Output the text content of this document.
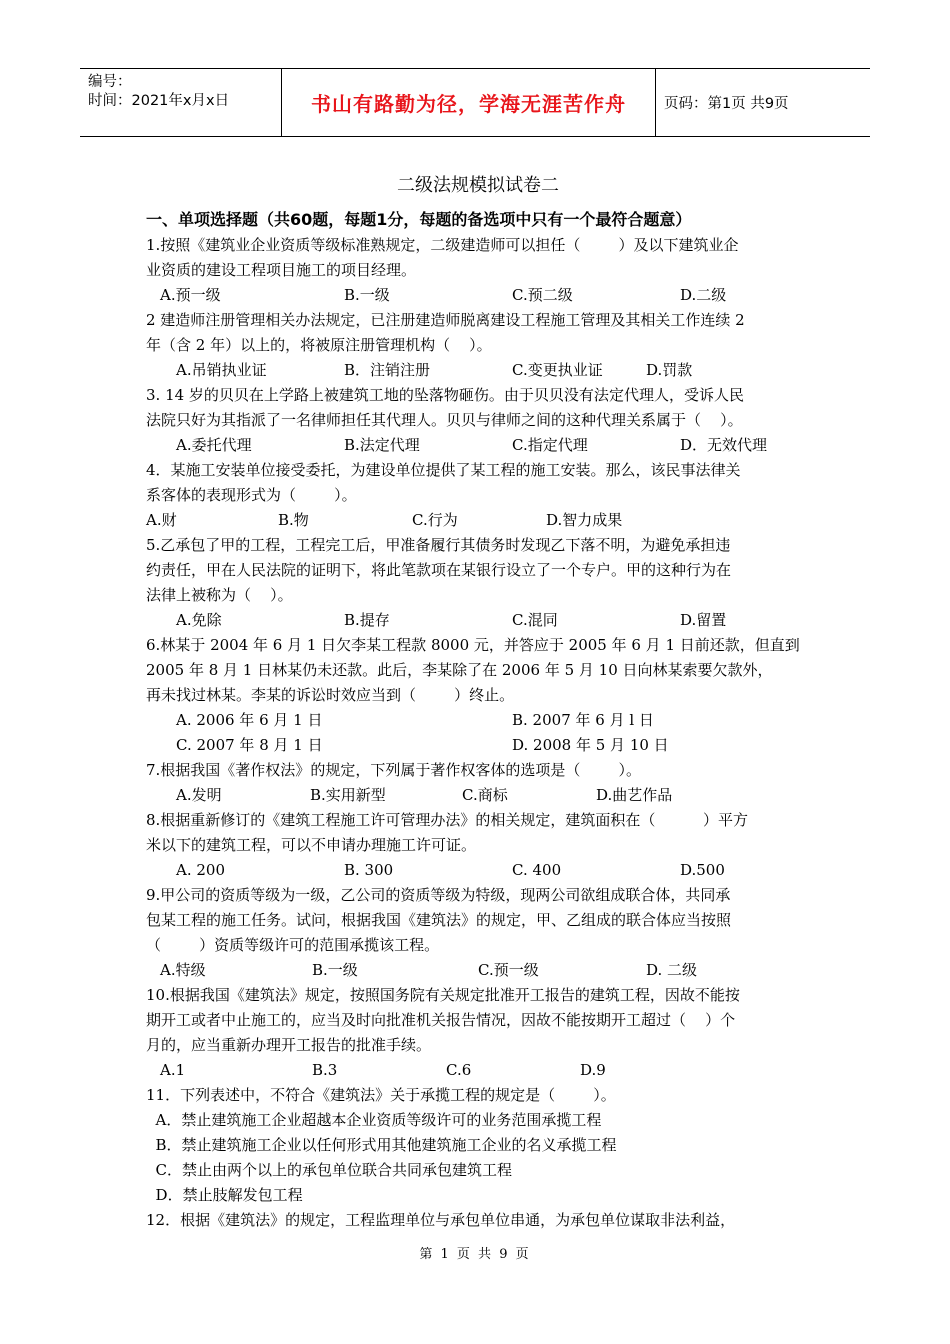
编号：
时间：2021年x月x日	书山有路勤为径，学海无涯苦作舟	页码：第1页 共9页
二级法规模拟试卷二
一、单项选择题（共60题，每题1分，每题的备选项中只有一个最符合题意）
1.按照《建筑业企业资质等级标准熟规定，二级建造师可以担任（        ）及以下建筑业企
业资质的建设工程项目施工的项目经理。
A.预一级	B.一级	C.预二级	D.二级
2 建造师注册管理相关办法规定，已注册建造师脱离建设工程施工管理及其相关工作连续 2
年（含 2 年）以上的，将被原注册管理机构（    ）。
A.吊销执业证	B．注销注册	C.变更执业证	D.罚款
3. 14 岁的贝贝在上学路上被建筑工地的坠落物砸伤。由于贝贝没有法定代理人，受诉人民
法院只好为其指派了一名律师担任其代理人。贝贝与律师之间的这种代理关系属于（    ）。
A.委托代理	B.法定代理	C.指定代理	D．无效代理
4．某施工安装单位接受委托，为建设单位提供了某工程的施工安装。那么，该民事法律关
系客体的表现形式为（        ）。
A.财	B.物	C.行为	D.智力成果
5.乙承包了甲的工程，工程完工后，甲准备履行其债务时发现乙下落不明，为避免承担违
约责任，甲在人民法院的证明下，将此笔款项在某银行设立了一个专户。甲的这种行为在
法律上被称为（    ）。
A.免除	B.提存	C.混同	D.留置
6.林某于 2004 年 6 月 1 日欠李某工程款 8000 元，并答应于 2005 年 6 月 1 日前还款，但直到
2005 年 8 月 1 日林某仍未还款。此后，李某除了在 2006 年 5 月 10 日向林某索要欠款外，
再未找过林某。李某的诉讼时效应当到（        ）终止。
A. 2006 年 6 月 1 日	B. 2007 年 6 月 l 日
C. 2007 年 8 月 1 日	D. 2008 年 5 月 10 日
7.根据我国《著作权法》的规定，下列属于著作权客体的选项是（        ）。
A.发明	B.实用新型	C.商标	D.曲艺作品
8.根据重新修订的《建筑工程施工许可管理办法》的相关规定，建筑面积在（          ）平方
米以下的建筑工程，可以不申请办理施工许可证。
A. 200	B. 300	C. 400	D.500
9.甲公司的资质等级为一级，乙公司的资质等级为特级，现两公司欲组成联合体，共同承
包某工程的施工任务。试问，根据我国《建筑法》的规定，甲、乙组成的联合体应当按照
（        ）资质等级许可的范围承揽该工程。
A.特级	B.一级	C.预一级	D. 二级
10.根据我国《建筑法》规定，按照国务院有关规定批准开工报告的建筑工程，因故不能按
期开工或者中止施工的，应当及时向批准机关报告情况，因故不能按期开工超过（    ）个
月的，应当重新办理开工报告的批准手续。
A.1	B.3	C.6	D.9
11．下列表述中，不符合《建筑法》关于承揽工程的规定是（        ）。
A．禁止建筑施工企业超越本企业资质等级许可的业务范围承揽工程
B．禁止建筑施工企业以任何形式用其他建筑施工企业的名义承揽工程
C．禁止由两个以上的承包单位联合共同承包建筑工程
D．禁止肢解发包工程
12．根据《建筑法》的规定，工程监理单位与承包单位串通，为承包单位谋取非法利益，
第 1 页 共 9 页
